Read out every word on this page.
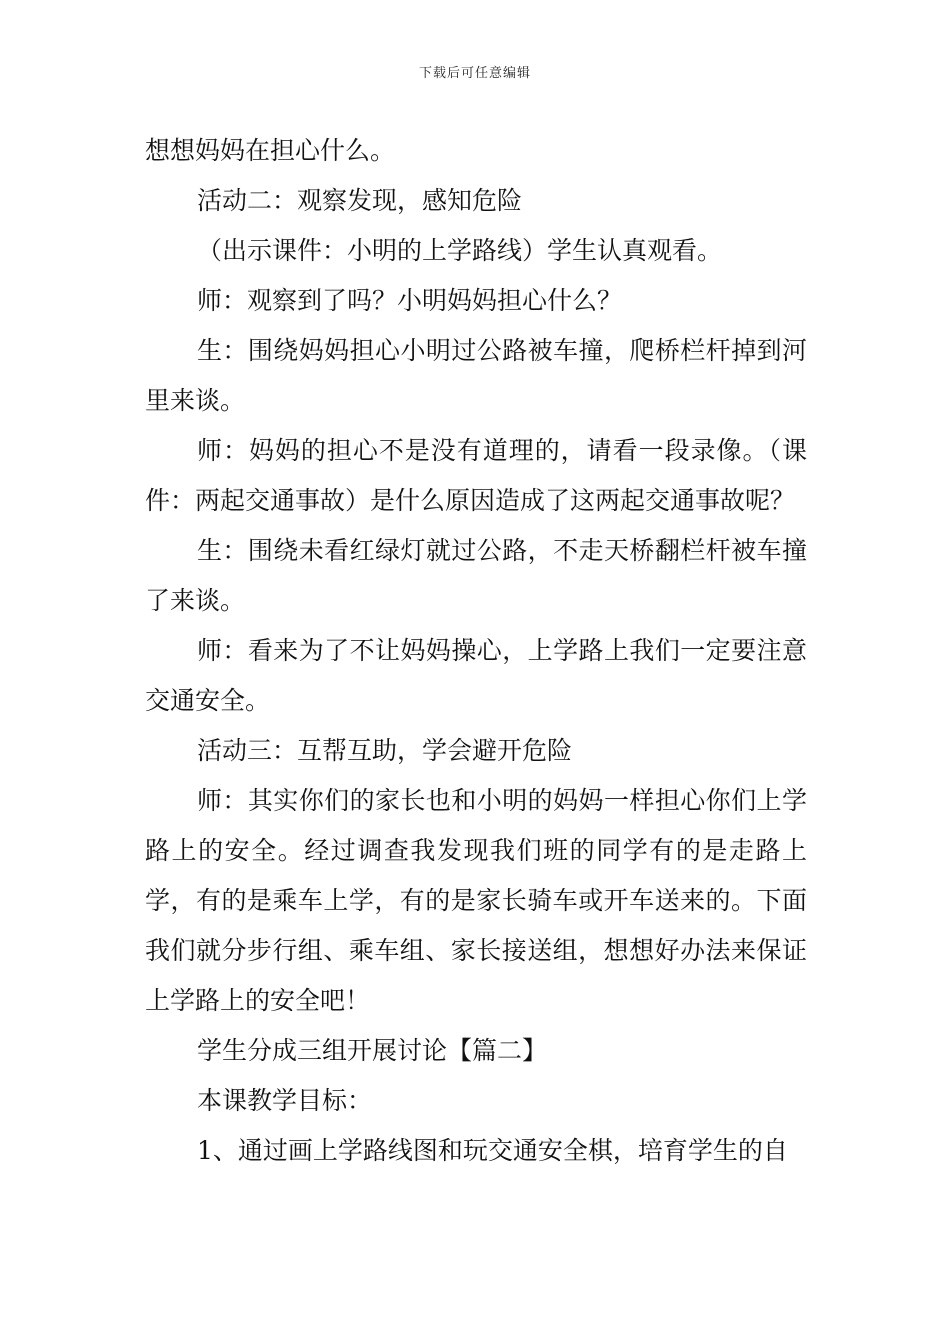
下载后可任意编辑

想想妈妈在担心什么。

活动二：观察发现，感知危险

（出示课件：小明的上学路线）学生认真观看。

师：观察到了吗？小明妈妈担心什么？

生：围绕妈妈担心小明过公路被车撞，爬桥栏杆掉到河里来谈。

师：妈妈的担心不是没有道理的，请看一段录像。（课件：两起交通事故）是什么原因造成了这两起交通事故呢？

生：围绕未看红绿灯就过公路，不走天桥翻栏杆被车撞了来谈。

师：看来为了不让妈妈操心，上学路上我们一定要注意交通安全。

活动三：互帮互助，学会避开危险

师：其实你们的家长也和小明的妈妈一样担心你们上学路上的安全。经过调查我发现我们班的同学有的是走路上学，有的是乘车上学，有的是家长骑车或开车送来的。下面我们就分步行组、乘车组、家长接送组，想想好办法来保证上学路上的安全吧！

学生分成三组开展讨论【篇二】

本课教学目标：

1、通过画上学路线图和玩交通安全棋，培育学生的自
